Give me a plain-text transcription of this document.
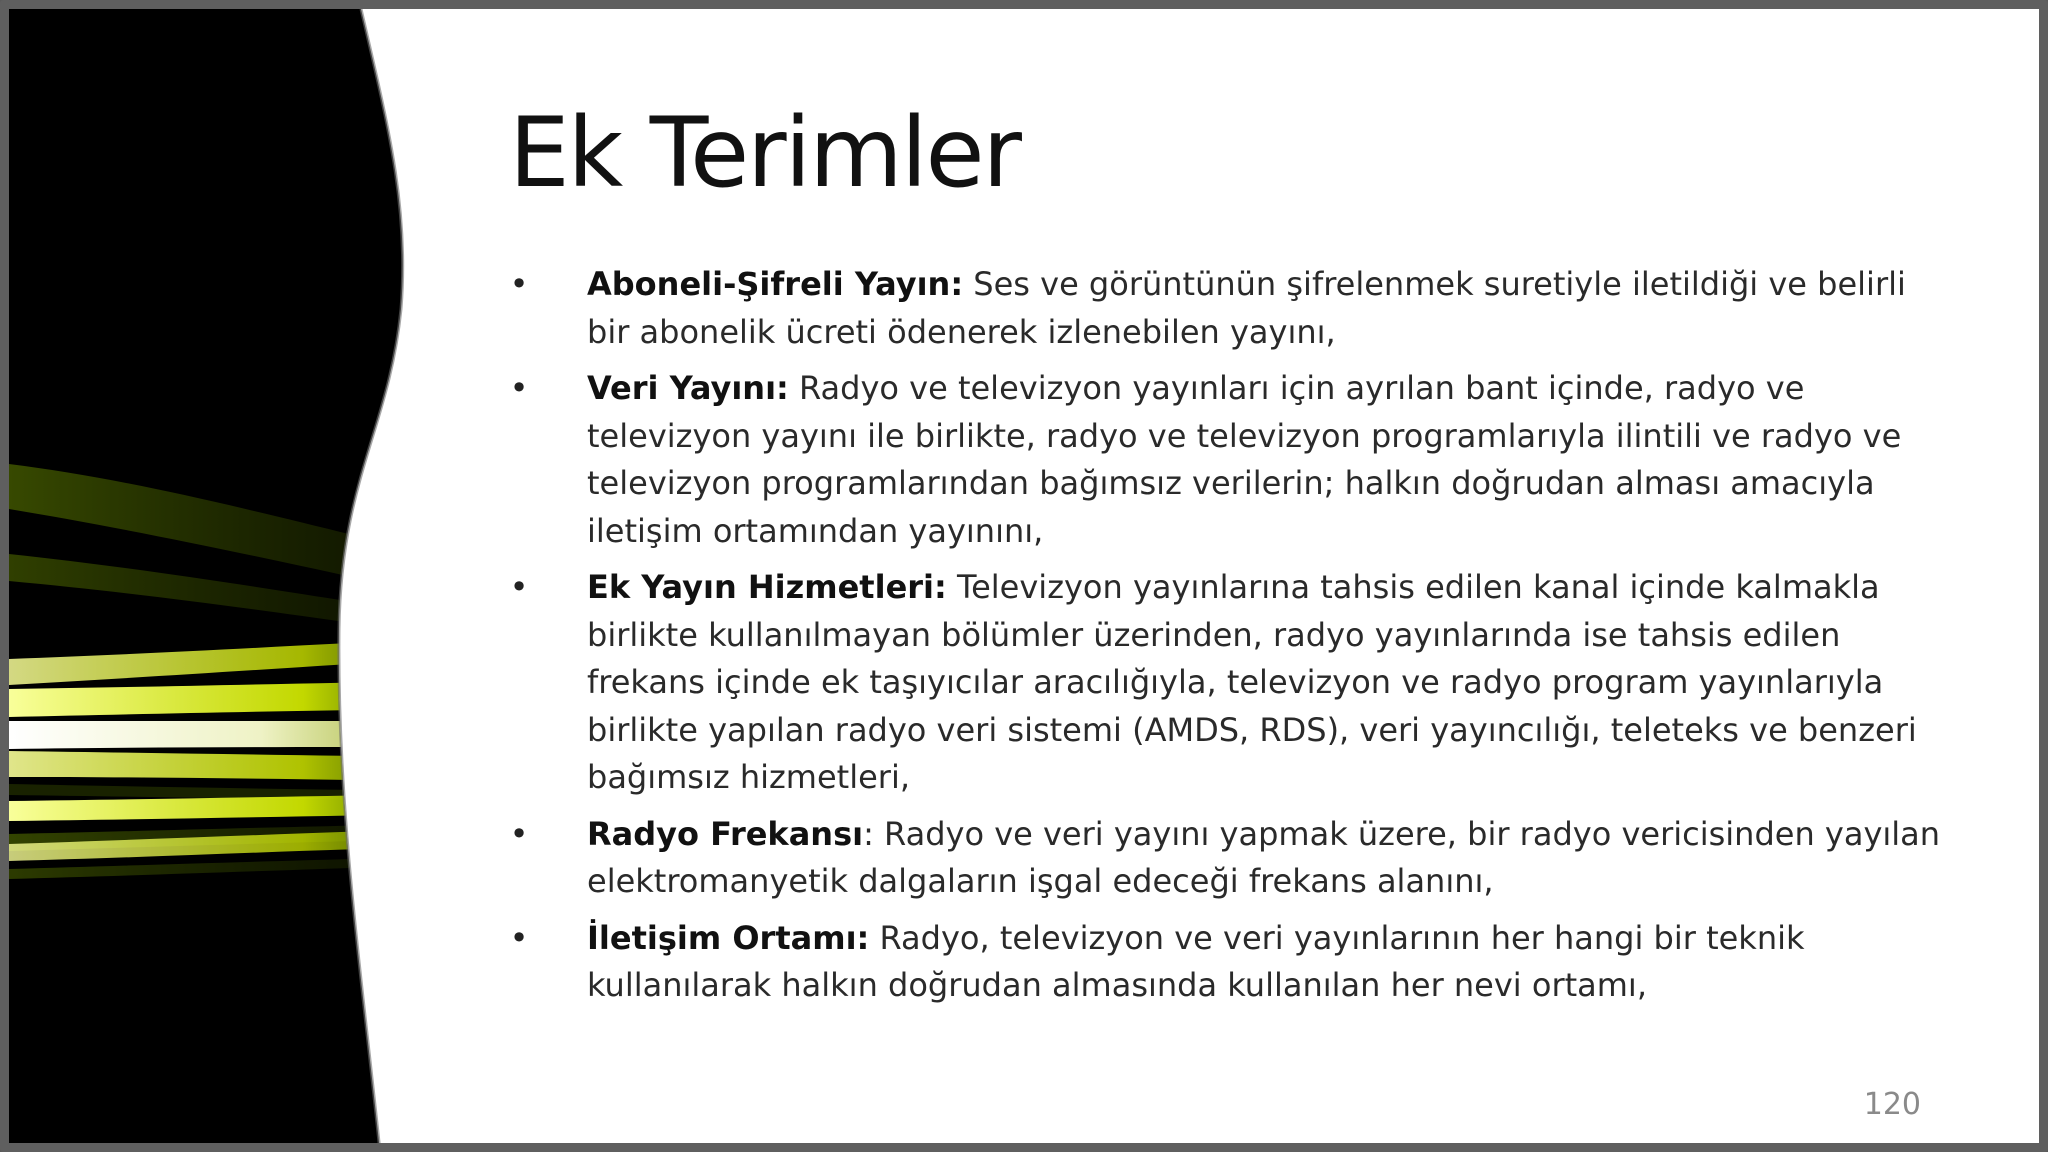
Ek Terimler
• Aboneli-Şifreli Yayın: Ses ve görüntünün şifrelenmek suretiyle iletildiği ve belirli bir abonelik ücreti ödenerek izlenebilen yayını,
• Veri Yayını: Radyo ve televizyon yayınları için ayrılan bant içinde, radyo ve televizyon yayını ile birlikte, radyo ve televizyon programlarıyla ilintili ve radyo ve televizyon programlarından bağımsız verilerin; halkın doğrudan alması amacıyla iletişim ortamından yayınını,
• Ek Yayın Hizmetleri: Televizyon yayınlarına tahsis edilen kanal içinde kalmakla birlikte kullanılmayan bölümler üzerinden, radyo yayınlarında ise tahsis edilen frekans içinde ek taşıyıcılar aracılığıyla, televizyon ve radyo program yayınlarıyla birlikte yapılan radyo veri sistemi (AMDS, RDS), veri yayıncılığı, teleteks ve benzeri bağımsız hizmetleri,
• Radyo Frekansı: Radyo ve veri yayını yapmak üzere, bir radyo vericisinden yayılan elektromanyetik dalgaların işgal edeceği frekans alanını,
• İletişim Ortamı: Radyo, televizyon ve veri yayınlarının her hangi bir teknik kullanılarak halkın doğrudan almasında kullanılan her nevi ortamı,
120
